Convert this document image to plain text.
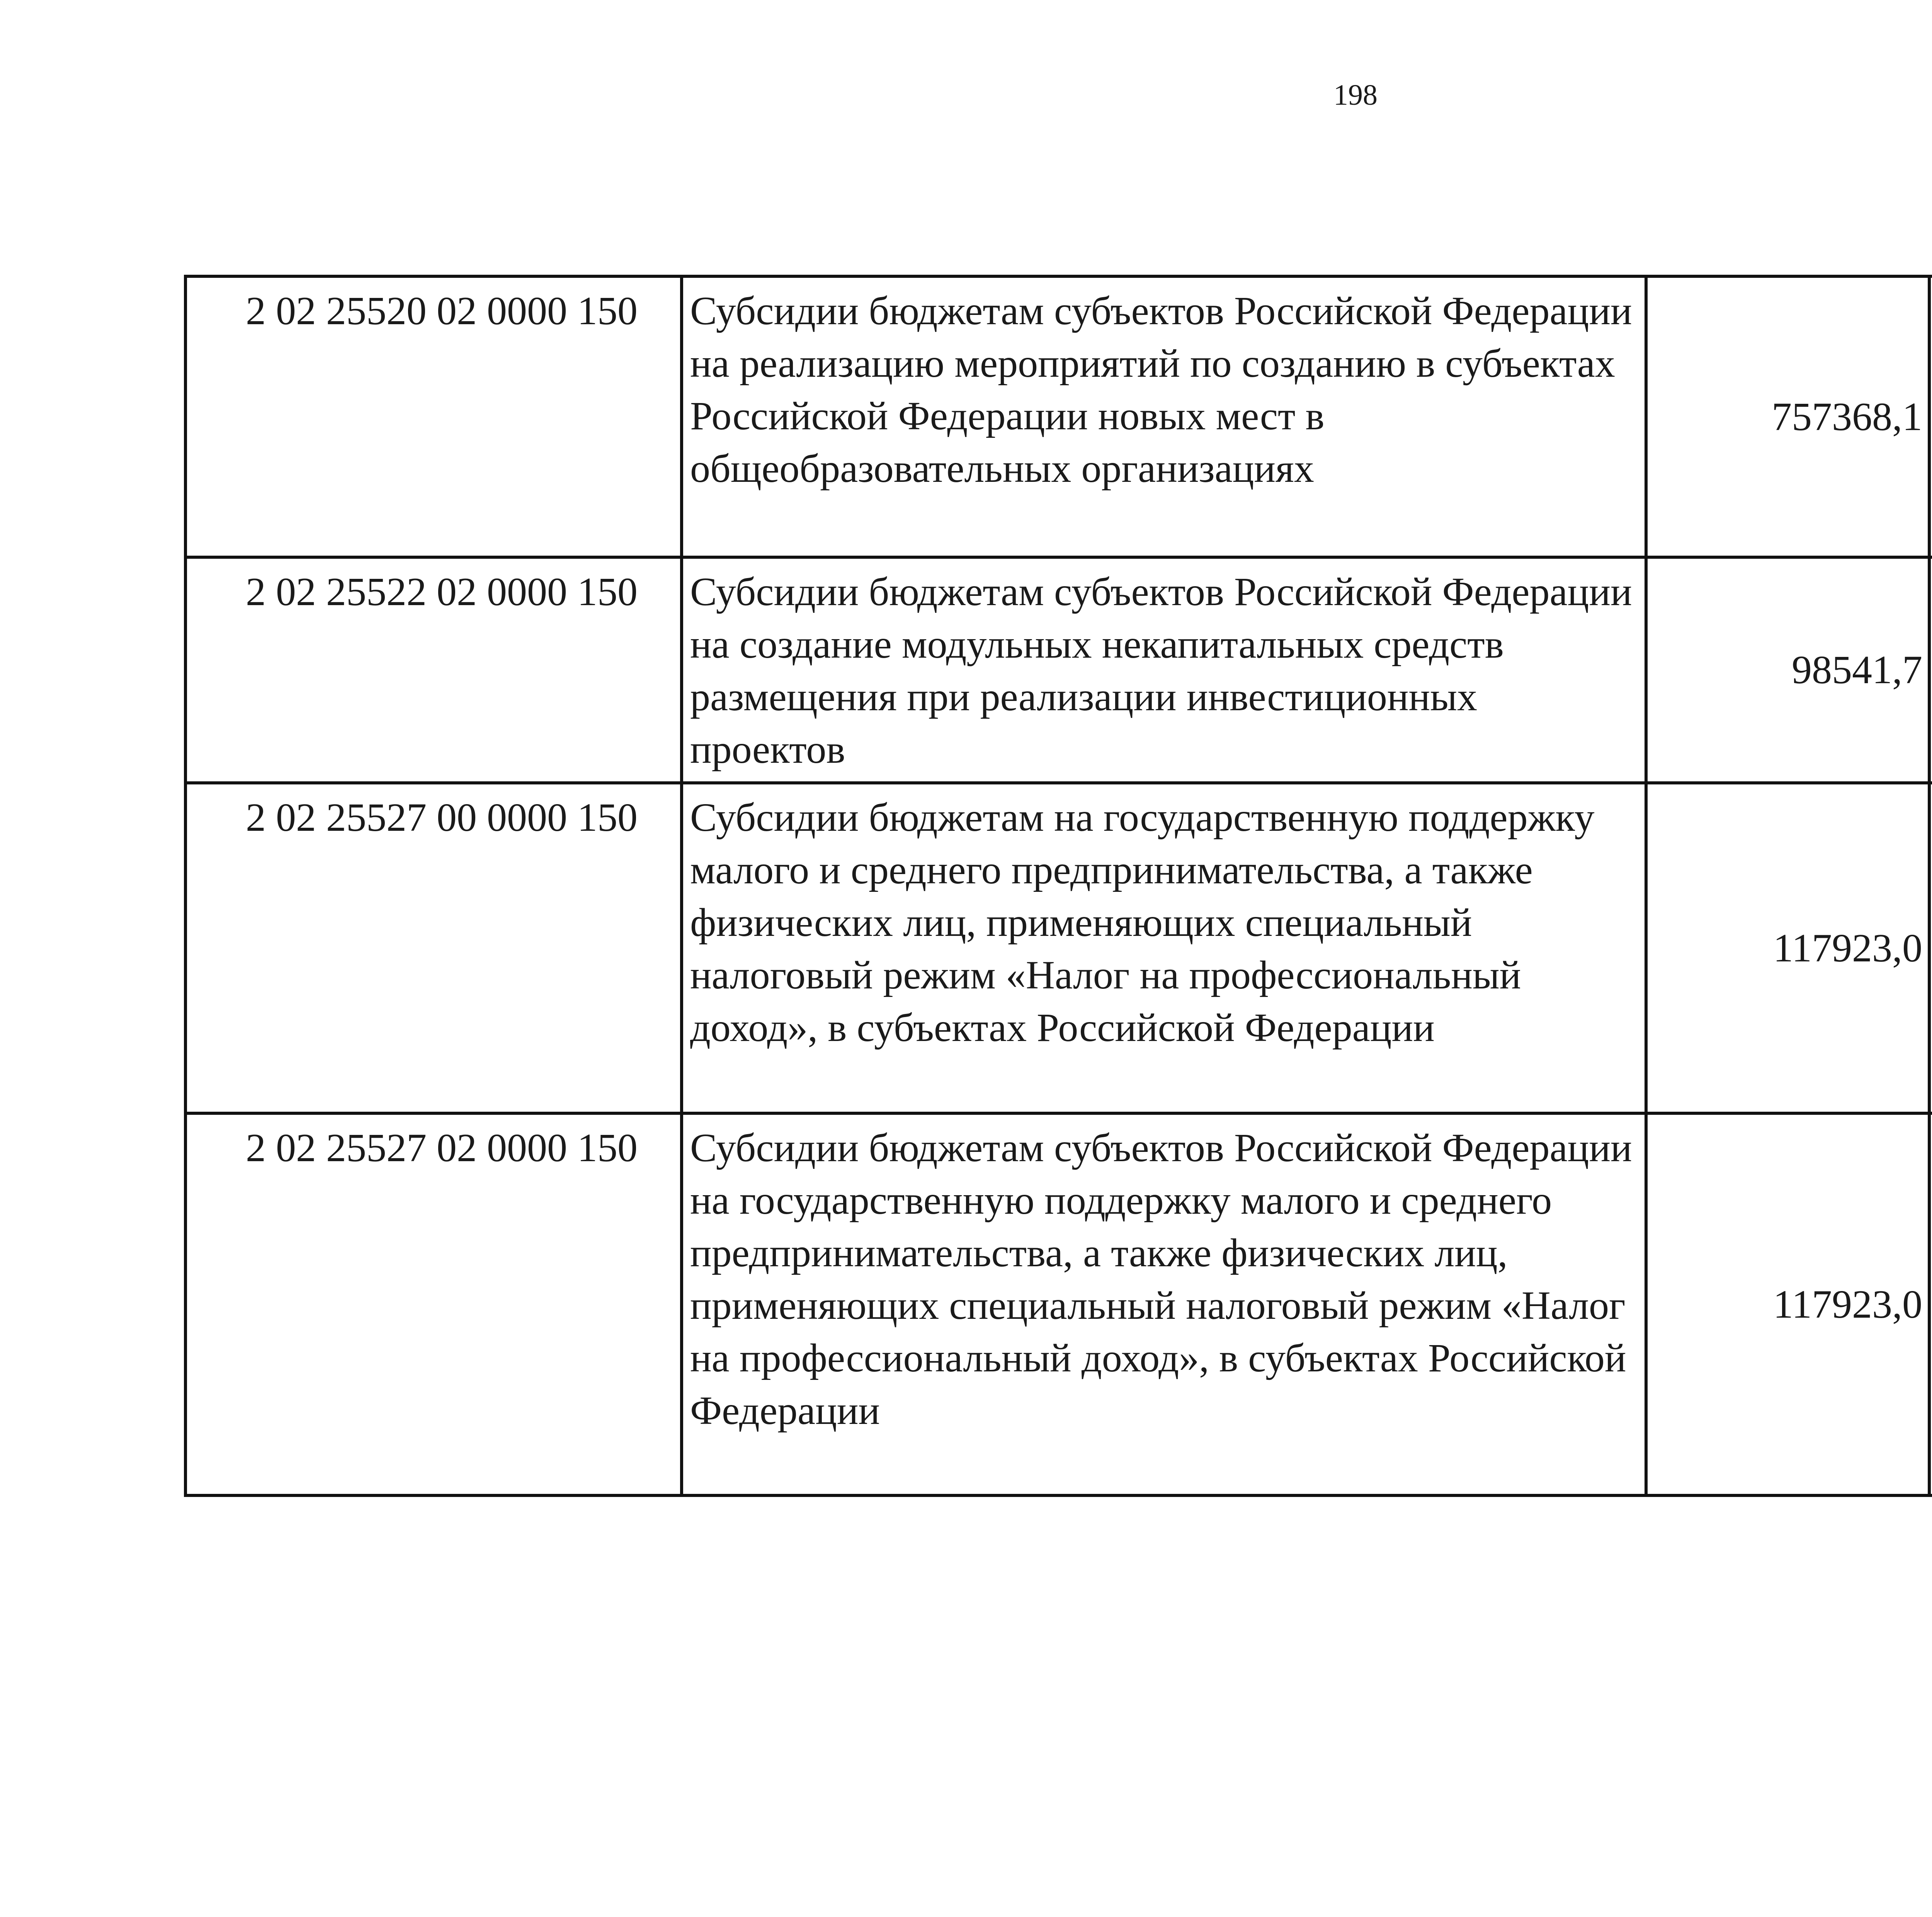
198
2 02 25520 02 0000 150	Субсидии бюджетам субъектов Российской Федерации на реализацию мероприятий по созданию в субъектах Российской Федерации новых мест в общеобразовательных организациях	757368,1		

2 02 25522 02 0000 150	Субсидии бюджетам субъектов Российской Федерации на создание модульных некапитальных средств размещения при реализации инвестиционных проектов	98541,7		

2 02 25527 00 0000 150	Субсидии бюджетам на государственную поддержку малого и среднего предпринимательства, а также физических лиц, применяющих специальный налоговый режим «Налог на профессиональный доход», в субъектах Российской Федерации	117923,0

2 02 25527 02 0000 150	Субсидии бюджетам субъектов Российской Федерации на государственную поддержку малого и среднего предпринимательства, а также физических лиц, применяющих специальный налоговый режим «Налог на профессиональный доход», в субъектах Российской Федерации	117923,0
